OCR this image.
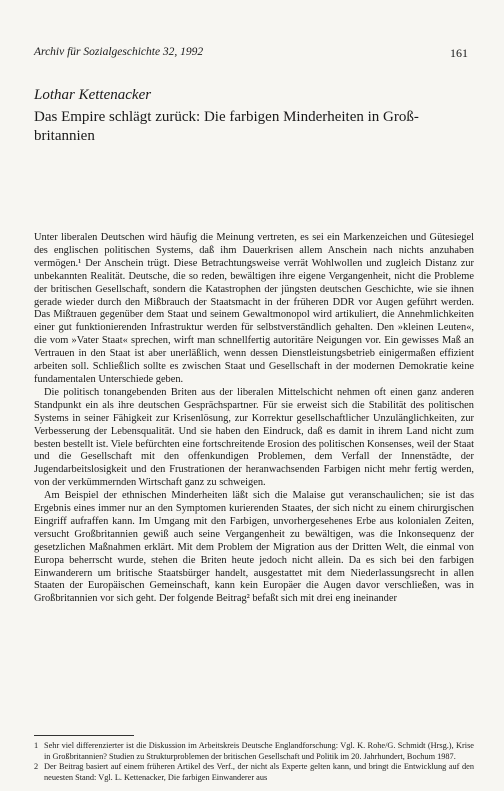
Archiv für Sozialgeschichte 32, 1992	161
Lothar Kettenacker
Das Empire schlägt zurück: Die farbigen Minderheiten in Groß-britannien

Unter liberalen Deutschen wird häufig die Meinung vertreten, es sei ein Markenzeichen und Gütesiegel des englischen politischen Systems, daß ihm Dauerkrisen allem Anschein nach nichts anzuhaben vermögen.¹ Der Anschein trügt. Diese Betrachtungsweise verrät Wohlwollen und zugleich Distanz zur unbekannten Realität. Deutsche, die so reden, bewältigen ihre eigene Vergangenheit, nicht die Probleme der britischen Gesellschaft, sondern die Katastrophen der jüngsten deutschen Geschichte, wie sie ihnen gerade wieder durch den Mißbrauch der Staatsmacht in der früheren DDR vor Augen geführt werden. Das Mißtrauen gegenüber dem Staat und seinem Gewaltmonopol wird artikuliert, die Annehmlichkeiten einer gut funktionierenden Infrastruktur werden für selbstverständlich gehalten. Den »kleinen Leuten«, die vom »Vater Staat« sprechen, wirft man schnellfertig autoritäre Neigungen vor. Ein gewisses Maß an Vertrauen in den Staat ist aber unerläßlich, wenn dessen Dienstleistungsbetrieb einigermaßen effizient arbeiten soll. Schließlich sollte es zwischen Staat und Gesellschaft in der modernen Demokratie keine fundamentalen Unterschiede geben.

Die politisch tonangebenden Briten aus der liberalen Mittelschicht nehmen oft einen ganz anderen Standpunkt ein als ihre deutschen Gesprächspartner. Für sie erweist sich die Stabilität des politischen Systems in seiner Fähigkeit zur Krisenlösung, zur Korrektur gesellschaftlicher Unzulänglichkeiten, zur Verbesserung der Lebensqualität. Und sie haben den Eindruck, daß es damit in ihrem Land nicht zum besten bestellt ist. Viele befürchten eine fortschreitende Erosion des politischen Konsenses, weil der Staat und die Gesellschaft mit den offenkundigen Problemen, dem Verfall der Innenstädte, der Jugendarbeitslosigkeit und den Frustrationen der heranwachsenden Farbigen nicht mehr fertig werden, von der verkümmernden Wirtschaft ganz zu schweigen.

Am Beispiel der ethnischen Minderheiten läßt sich die Malaise gut veranschaulichen; sie ist das Ergebnis eines immer nur an den Symptomen kurierenden Staates, der sich nicht zu einem chirurgischen Eingriff aufraffen kann. Im Umgang mit den Farbigen, unvorhergesehenes Erbe aus kolonialen Zeiten, versucht Großbritannien gewiß auch seine Vergangenheit zu bewältigen, was die Inkonsequenz der gesetzlichen Maßnahmen erklärt. Mit dem Problem der Migration aus der Dritten Welt, die einmal von Europa beherrscht wurde, stehen die Briten heute jedoch nicht allein. Da es sich bei den farbigen Einwanderern um britische Staatsbürger handelt, ausgestattet mit dem Niederlassungsrecht in allen Staaten der Europäischen Gemeinschaft, kann kein Europäer die Augen davor verschließen, was in Großbritannien vor sich geht. Der folgende Beitrag² befaßt sich mit drei eng ineinander

1 Sehr viel differenzierter ist die Diskussion im Arbeitskreis Deutsche Englandforschung: Vgl. K. Rohe/G. Schmidt (Hrsg.), Krise in Großbritannien? Studien zu Strukturproblemen der britischen Gesellschaft und Politik im 20. Jahrhundert, Bochum 1987.

2 Der Beitrag basiert auf einem früheren Artikel des Verf., der nicht als Experte gelten kann, und bringt die Entwicklung auf den neuesten Stand: Vgl. L. Kettenacker, Die farbigen Einwanderer aus
